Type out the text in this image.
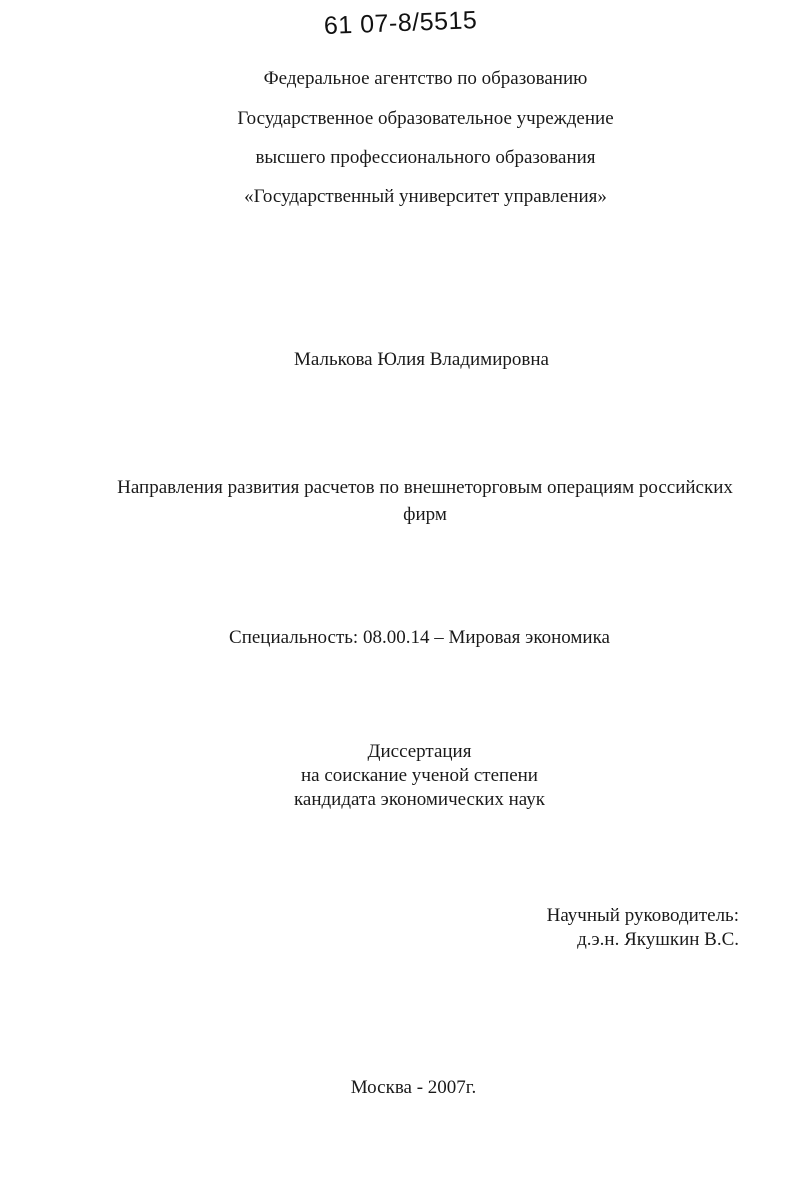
61 07-8/5515
Федеральное агентство по образованию
Государственное образовательное учреждение
высшего профессионального образования
«Государственный университет управления»
Малькова Юлия Владимировна
Направления развития расчетов по внешнеторговым операциям российских
фирм
Специальность: 08.00.14 – Мировая экономика
Диссертация
на соискание ученой степени
кандидата экономических наук
Научный руководитель:
д.э.н. Якушкин В.С.
Москва - 2007г.
